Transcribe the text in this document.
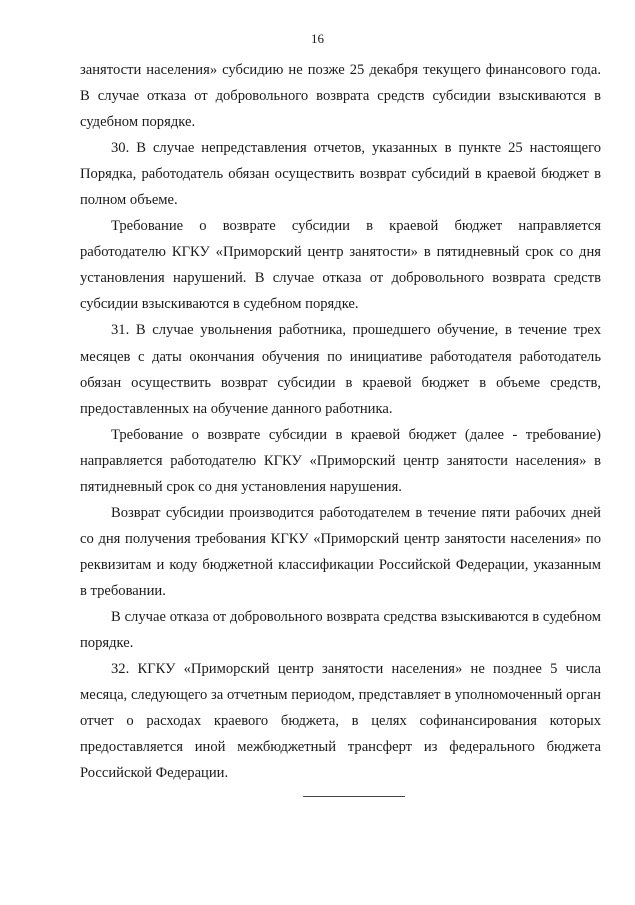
16

занятости населения» субсидию не позже 25 декабря текущего финансового года. В случае отказа от добровольного возврата средств субсидии взыскиваются в судебном порядке.

30. В случае непредставления отчетов, указанных в пункте 25 настоящего Порядка, работодатель обязан осуществить возврат субсидий в краевой бюджет в полном объеме.

Требование о возврате субсидии в краевой бюджет направляется работодателю КГКУ «Приморский центр занятости» в пятидневный срок со дня установления нарушений. В случае отказа от добровольного возврата средств субсидии взыскиваются в судебном порядке.

31. В случае увольнения работника, прошедшего обучение, в течение трех месяцев с даты окончания обучения по инициативе работодателя работодатель обязан осуществить возврат субсидии в краевой бюджет в объеме средств, предоставленных на обучение данного работника.

Требование о возврате субсидии в краевой бюджет (далее - требование) направляется работодателю КГКУ «Приморский центр занятости населения» в пятидневный срок со дня установления нарушения.

Возврат субсидии производится работодателем в течение пяти рабочих дней со дня получения требования КГКУ «Приморский центр занятости населения» по реквизитам и коду бюджетной классификации Российской Федерации, указанным в требовании.

В случае отказа от добровольного возврата средства взыскиваются в судебном порядке.

32. КГКУ «Приморский центр занятости населения» не позднее 5 числа месяца, следующего за отчетным периодом, представляет в уполномоченный орган отчет о расходах краевого бюджета, в целях софинансирования которых предоставляется иной межбюджетный трансферт из федерального бюджета Российской Федерации.
